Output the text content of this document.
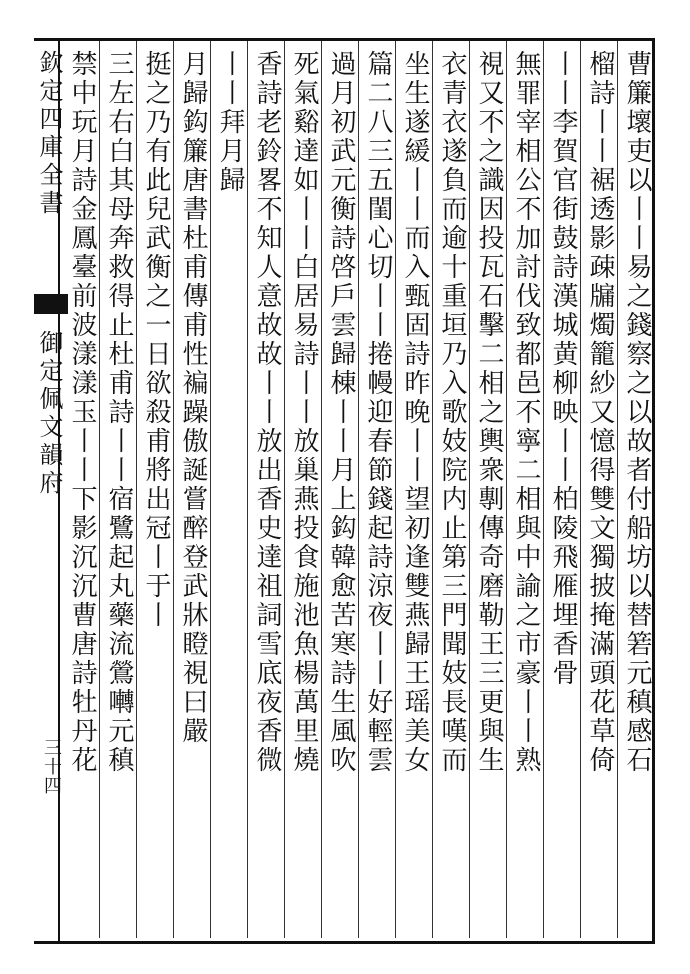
欽定四庫全書
御定佩文韻府
三十四	曹簾壞吏以丨丨易之錢察之以故者付船坊以替箬元稹感石
榴詩丨丨裾透影疎牖燭籠紗又憶得雙文獨披掩滿頭花草倚
丨丨李賀官街鼓詩漢城黄柳映丨丨柏陵飛雁埋香骨
無罪宰相公不加討伐致都邑不寧二相與中諭之市豪丨丨熟
視又不之識因投瓦石擊二相之輿衆剸傳奇磨勒王三更與生
衣青衣遂負而逾十重垣乃入歌妓院内止第三門聞妓長嘆而
坐生遂緩丨丨而入甄固詩昨晚丨丨望初逢雙燕歸王瑶美女
篇二八三五閨心切丨丨捲幔迎春節錢起詩涼夜丨丨好輕雲
過月初武元衡詩啓戶雲歸棟丨丨月上鈎韓愈苦寒詩生風吹
死氣谿達如丨丨白居易詩丨丨放巢燕投食施池魚楊萬里燒
香詩老鈴畧不知人意故故丨丨放出香史達祖詞雪底夜香微
丨丨拜月歸
月歸鈎簾唐書杜甫傳甫性褊躁傲誕嘗醉登武牀瞪視曰嚴
挺之乃有此兒武衡之一日欲殺甫將出冠丨于丨
三左右白其母奔救得止杜甫詩丨丨宿鷺起丸藥流鶯囀元稹
禁中玩月詩金鳳臺前波漾漾玉丨丨下影沉沉曹唐詩牡丹花
